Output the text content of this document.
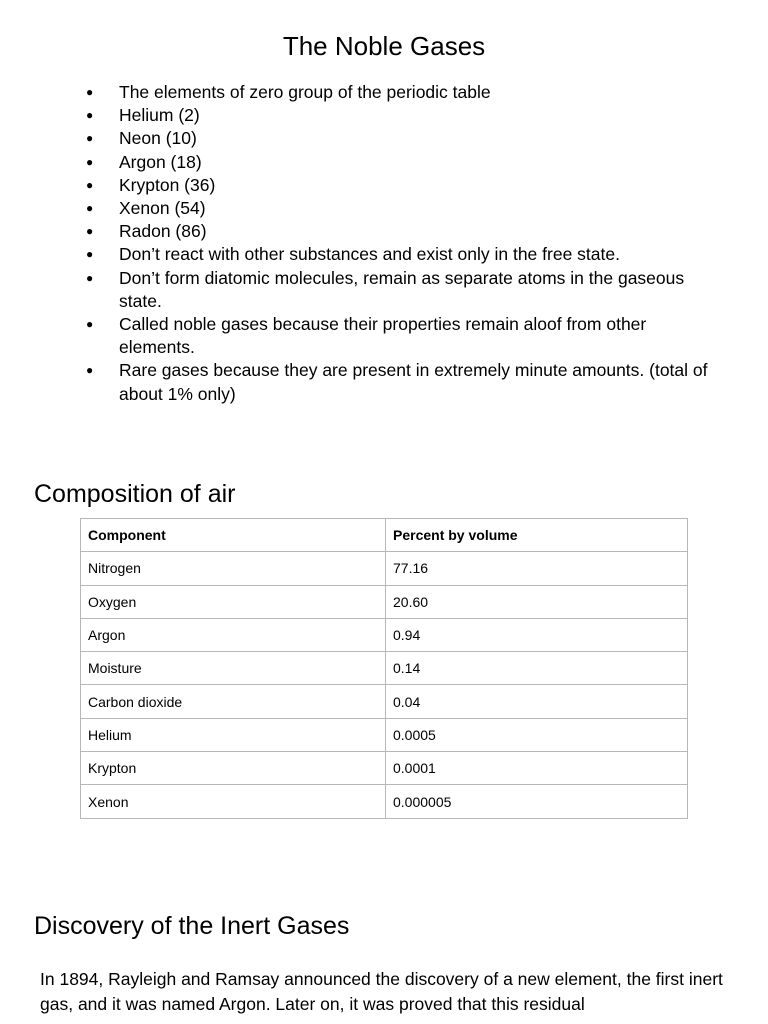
The Noble Gases
●	The elements of zero group of the periodic table
●	Helium (2)
●	Neon (10)
●	Argon (18)
●	Krypton (36)
●	Xenon (54)
●	Radon (86)
●	Don’t react with other substances and exist only in the free state.
●	Don’t form diatomic molecules, remain as separate atoms in the gaseous state.
●	Called noble gases because their properties remain aloof from other elements.
●	Rare gases because they are present in extremely minute amounts. (total of about 1% only)
Composition of air
Component	Percent by volume
Nitrogen	77.16
Oxygen	20.60
Argon	0.94
Moisture	0.14
Carbon dioxide	0.04
Helium	0.0005
Krypton	0.0001
Xenon	0.000005
Discovery of the Inert Gases

In 1894, Rayleigh and Ramsay announced the discovery of a new element, the first inert gas, and it was named Argon. Later on, it was proved that this residual
